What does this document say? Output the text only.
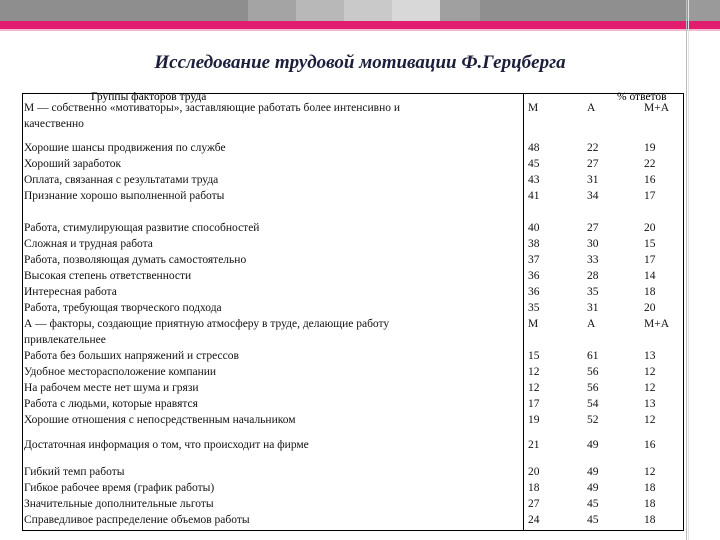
Исследование трудовой мотивации Ф.Герцберга
Группы факторов труда	% ответов
М — собственно «мотиваторы», заставляющие работать более интенсивно и	М	А	М+А
качественно
Хорошие шансы продвижения по службе	48	22	19
Хороший заработок	45	27	22
Оплата, связанная с результатами труда	43	31	16
Признание хорошо выполненной работы	41	34	17
Работа, стимулирующая развитие способностей	40	27	20
Сложная и трудная работа	38	30	15
Работа, позволяющая думать самостоятельно	37	33	17
Высокая степень ответственности	36	28	14
Интересная работа	36	35	18
Работа, требующая творческого подхода	35	31	20
А — факторы, создающие приятную атмосферу в труде, делающие работу	М	А	М+А
привлекательнее
Работа без больших напряжений и стрессов	15	61	13
Удобное месторасположение компании	12	56	12
На рабочем месте нет шума и грязи	12	56	12
Работа с людьми, которые нравятся	17	54	13
Хорошие отношения с непосредственным начальником	19	52	12
Достаточная информация о том, что происходит на фирме	21	49	16
Гибкий темп работы	20	49	12
Гибкое рабочее время (график работы)	18	49	18
Значительные дополнительные льготы	27	45	18
Справедливое распределение объемов работы	24	45	18
